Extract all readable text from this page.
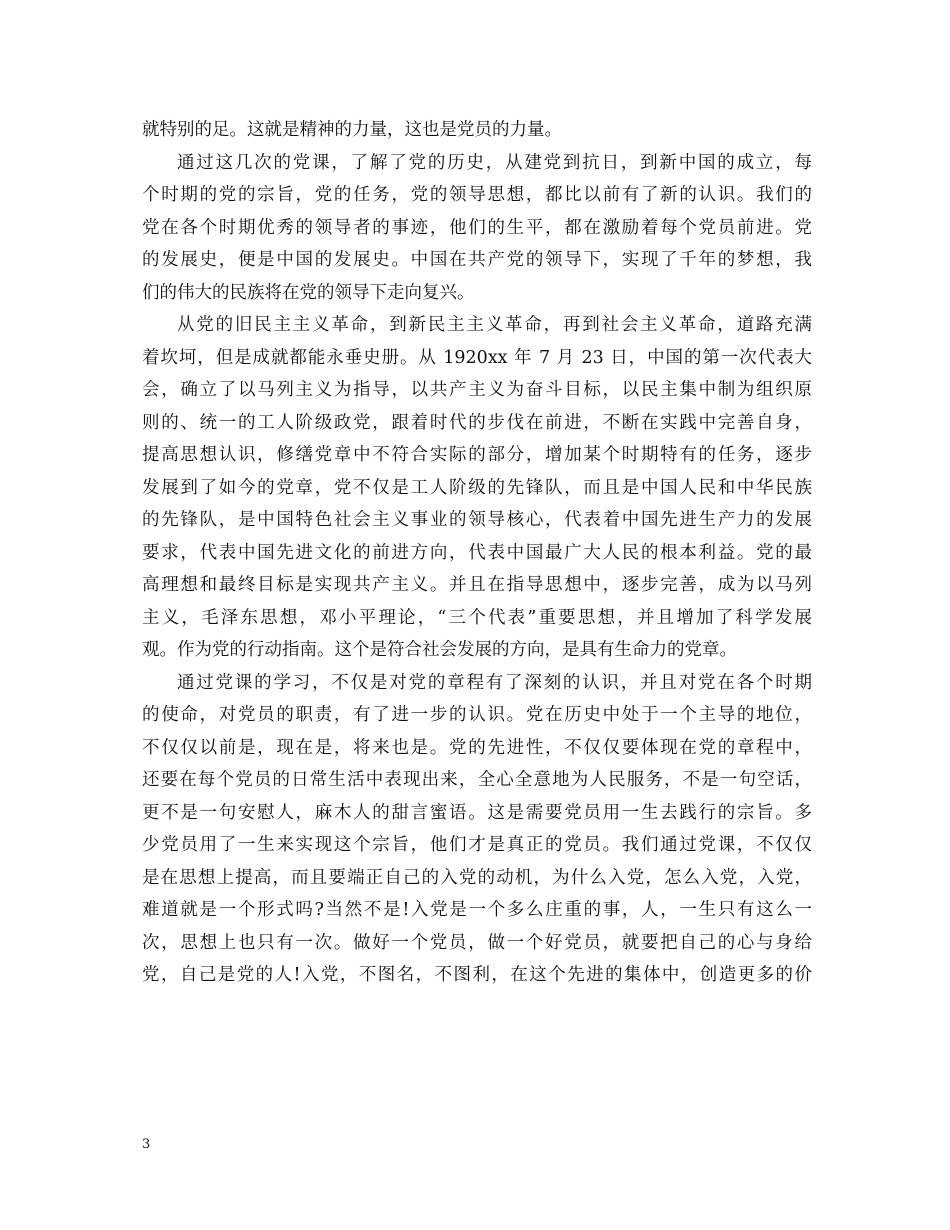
就特别的足。这就是精神的力量，这也是党员的力量。
通过这几次的党课，了解了党的历史，从建党到抗日，到新中国的成立，每
个时期的党的宗旨，党的任务，党的领导思想，都比以前有了新的认识。我们的
党在各个时期优秀的领导者的事迹，他们的生平，都在激励着每个党员前进。党
的发展史，便是中国的发展史。中国在共产党的领导下，实现了千年的梦想，我
们的伟大的民族将在党的领导下走向复兴。
从党的旧民主主义革命，到新民主主义革命，再到社会主义革命，道路充满
着坎坷，但是成就都能永垂史册。从 1920xx 年 7 月 23 日，中国的第一次代表大
会，确立了以马列主义为指导，以共产主义为奋斗目标，以民主集中制为组织原
则的、统一的工人阶级政党，跟着时代的步伐在前进，不断在实践中完善自身，
提高思想认识，修缮党章中不符合实际的部分，增加某个时期特有的任务，逐步
发展到了如今的党章，党不仅是工人阶级的先锋队，而且是中国人民和中华民族
的先锋队，是中国特色社会主义事业的领导核心，代表着中国先进生产力的发展
要求，代表中国先进文化的前进方向，代表中国最广大人民的根本利益。党的最
高理想和最终目标是实现共产主义。并且在指导思想中，逐步完善，成为以马列
主义，毛泽东思想，邓小平理论，“三个代表”重要思想，并且增加了科学发展
观。作为党的行动指南。这个是符合社会发展的方向，是具有生命力的党章。
通过党课的学习，不仅是对党的章程有了深刻的认识，并且对党在各个时期
的使命，对党员的职责，有了进一步的认识。党在历史中处于一个主导的地位，
不仅仅以前是，现在是，将来也是。党的先进性，不仅仅要体现在党的章程中，
还要在每个党员的日常生活中表现出来，全心全意地为人民服务，不是一句空话，
更不是一句安慰人，麻木人的甜言蜜语。这是需要党员用一生去践行的宗旨。多
少党员用了一生来实现这个宗旨，他们才是真正的党员。我们通过党课，不仅仅
是在思想上提高，而且要端正自己的入党的动机，为什么入党，怎么入党，入党，
难道就是一个形式吗?当然不是!入党是一个多么庄重的事，人，一生只有这么一
次，思想上也只有一次。做好一个党员，做一个好党员，就要把自己的心与身给
党，自己是党的人!入党，不图名，不图利，在这个先进的集体中，创造更多的价
3
